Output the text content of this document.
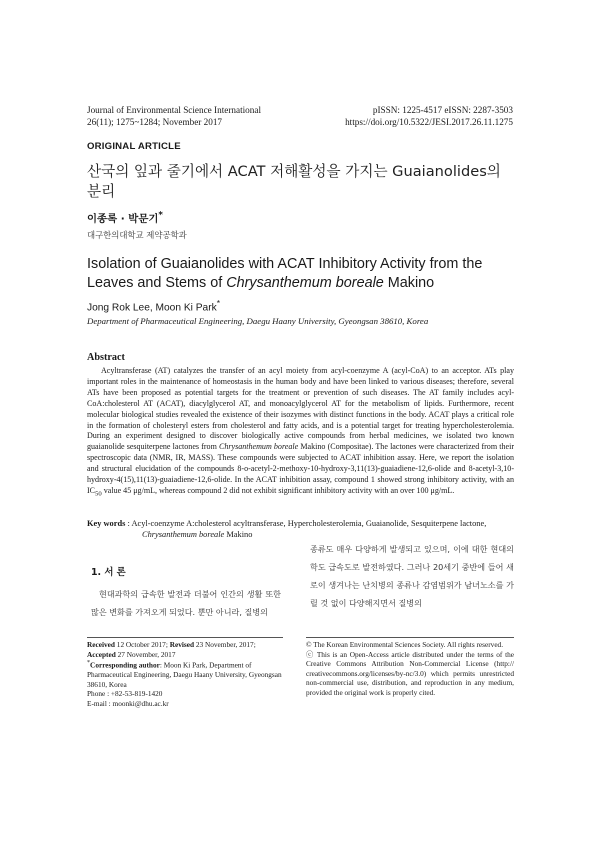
Journal of Environmental Science International
26(11); 1275~1284; November 2017
pISSN: 1225-4517 eISSN: 2287-3503
https://doi.org/10.5322/JESI.2017.26.11.1275
ORIGINAL ARTICLE
산국의 잎과 줄기에서 ACAT 저해활성을 가지는 Guaianolides의 분리
이종록 · 박문기*
대구한의대학교 제약공학과
Isolation of Guaianolides with ACAT Inhibitory Activity from the Leaves and Stems of Chrysanthemum boreale Makino
Jong Rok Lee, Moon Ki Park*
Department of Pharmaceutical Engineering, Daegu Haany University, Gyeongsan 38610, Korea
Abstract
Acyltransferase (AT) catalyzes the transfer of an acyl moiety from acyl-coenzyme A (acyl-CoA) to an acceptor. ATs play important roles in the maintenance of homeostasis in the human body and have been linked to various diseases; therefore, several ATs have been proposed as potential targets for the treatment or prevention of such diseases. The AT family includes acyl-CoA:cholesterol AT (ACAT), diacylglycerol AT, and monoacylglycerol AT for the metabolism of lipids. Furthermore, recent molecular biological studies revealed the existence of their isozymes with distinct functions in the body. ACAT plays a critical role in the formation of cholesteryl esters from cholesterol and fatty acids, and is a potential target for treating hypercholesterolemia. During an experiment designed to discover biologically active compounds from herbal medicines, we isolated two known guaianolide sesquiterpene lactones from Chrysanthemum boreale Makino (Compositae). The lactones were characterized from their spectroscopic data (NMR, IR, MASS). These compounds were subjected to ACAT inhibition assay. Here, we report the isolation and structural elucidation of the compounds 8-o-acetyl-2-methoxy-10-hydroxy-3,11(13)-guaiadiene-12,6-olide and 8-acetyl-3,10-hydroxy-4(15),11(13)-guaiadiene-12,6-olide. In the ACAT inhibition assay, compound 1 showed strong inhibitory activity, with an $IC_{50}$ value 45 μg/mL, whereas compound 2 did not exhibit significant inhibitory activity with an over 100 μg/mL.
Key words : Acyl-coenzyme A:cholesterol acyltransferase, Hypercholesterolemia, Guaianolide, Sesquiterpene lactone,
Chrysanthemum boreale Makino
1. 서 론
현대과학의 급속한 발전과 더불어 인간의 생활 또한 많은 변화를 가져오게 되었다. 뿐만 아니라, 질병의
종류도 매우 다양하게 발생되고 있으며, 이에 대한 현대의학도 급속도로 발전하였다. 그러나 20세기 중반에 들어 새로이 생겨나는 난치병의 종류나 감염범위가 남녀노소를 가릴 것 없이 다양해지면서 질병의
Received 12 October 2017; Revised 23 November, 2017;
Accepted 27 November, 2017
*Corresponding author: Moon Ki Park, Department of Pharmaceutical Engineering, Daegu Haany University, Gyeongsan 38610, Korea
Phone : +82-53-819-1420
E-mail : moonki@dhu.ac.kr
© The Korean Environmental Sciences Society. All rights reserved.
ⓒ This is an Open-Access article distributed under the terms of the Creative Commons Attribution Non-Commercial License (http:// creativecommons.org/licenses/by-nc/3.0) which permits unrestricted non-commercial use, distribution, and reproduction in any medium, provided the original work is properly cited.
